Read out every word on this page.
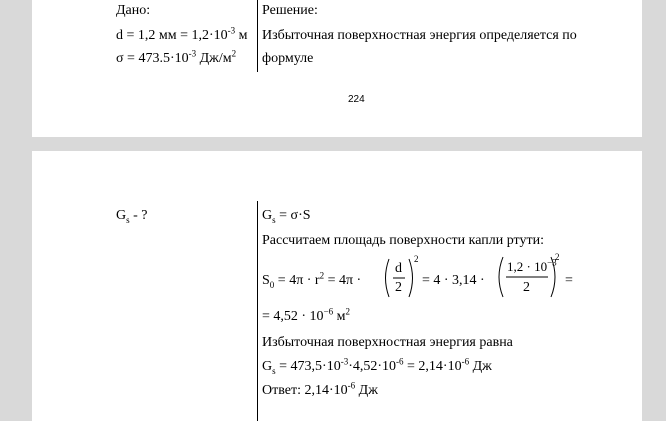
Дано:
d = 1,2 мм = $1,2\cdot 10^{-3}$ м
$\sigma = 473.5\cdot 10^{-3}$ $Дж/м^2$
Решение:
Избыточная поверхностная энергия определяется по
формуле
224
$G_s$ - ?	$G_s = \sigma\cdot S$
Рассчитаем площадь поверхности капли ртути:
$S_0 = 4\pi \cdot r^2 = 4\pi$ ·
d
2
2
= 4 · 3,14 ·
$1,2 \cdot 10^{-3}$
2
2
=
= $4,52 \cdot 10^{-6}$ $м^2$
Избыточная поверхностная энергия равна
$G_s = 473,5\cdot 10^{-3}\cdot 4,52\cdot 10^{-6} = 2,14\cdot 10^{-6}$ Дж
Ответ: $2,14\cdot 10^{-6}$ Дж
